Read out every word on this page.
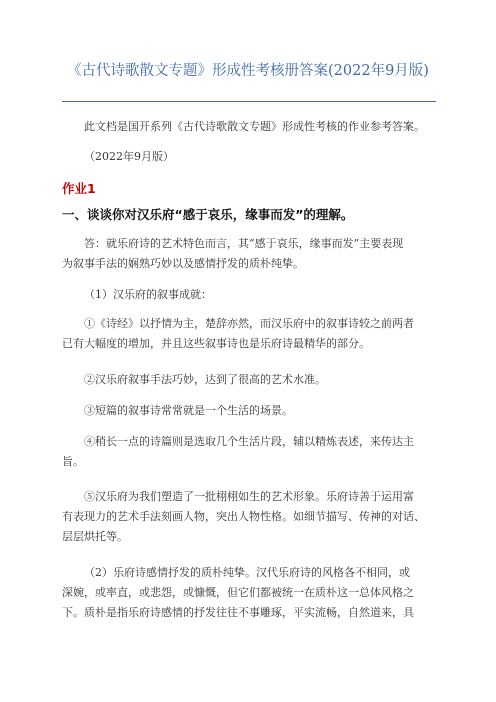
《古代诗歌散文专题》形成性考核册答案(2022年9月版)
此文档是国开系列《古代诗歌散文专题》形成性考核的作业参考答案。
（2022年9月版）
作业1
一、谈谈你对汉乐府“感于哀乐，缘事而发”的理解。
答：就乐府诗的艺术特色而言，其“感于哀乐，缘事而发”主要表现
为叙事手法的娴熟巧妙以及感情抒发的质朴纯挚。
（1）汉乐府的叙事成就：
①《诗经》以抒情为主，楚辞亦然，而汉乐府中的叙事诗较之前两者
已有大幅度的增加，并且这些叙事诗也是乐府诗最精华的部分。
②汉乐府叙事手法巧妙，达到了很高的艺术水准。
③短篇的叙事诗常常就是一个生活的场景。
④稍长一点的诗篇则是选取几个生活片段，辅以精炼表述，来传达主
旨。
⑤汉乐府为我们塑造了一批栩栩如生的艺术形象。乐府诗善于运用富
有表现力的艺术手法刻画人物，突出人物性格。如细节描写、传神的对话、
层层烘托等。
（2）乐府诗感情抒发的质朴纯挚。汉代乐府诗的风格各不相同，或
深婉，或率直，或悲怨，或慷慨，但它们都被统一在质朴这一总体风格之
下。质朴是指乐府诗感情的抒发往往不事雕琢，平实流畅，自然道来，具
